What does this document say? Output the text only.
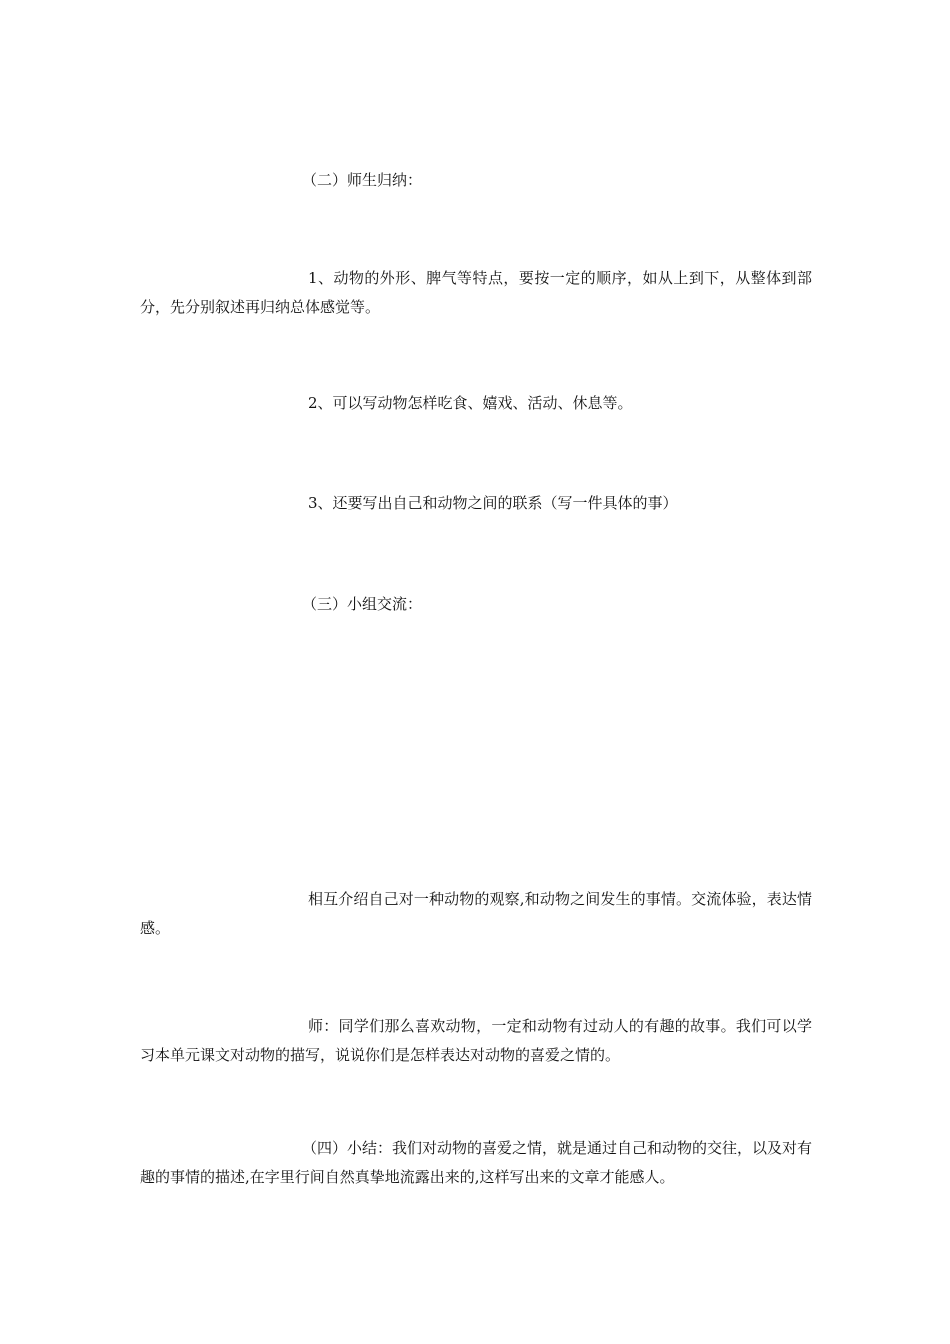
（二）师生归纳：

1、动物的外形、脾气等特点，要按一定的顺序，如从上到下，从整体到部分，先分别叙述再归纳总体感觉等。

2、可以写动物怎样吃食、嬉戏、活动、休息等。

3、还要写出自己和动物之间的联系（写一件具体的事）

（三）小组交流：

相互介绍自己对一种动物的观察,和动物之间发生的事情。交流体验，表达情感。

师：同学们那么喜欢动物，一定和动物有过动人的有趣的故事。我们可以学习本单元课文对动物的描写，说说你们是怎样表达对动物的喜爱之情的。

（四）小结：我们对动物的喜爱之情，就是通过自己和动物的交往，以及对有趣的事情的描述,在字里行间自然真挚地流露出来的,这样写出来的文章才能感人。
